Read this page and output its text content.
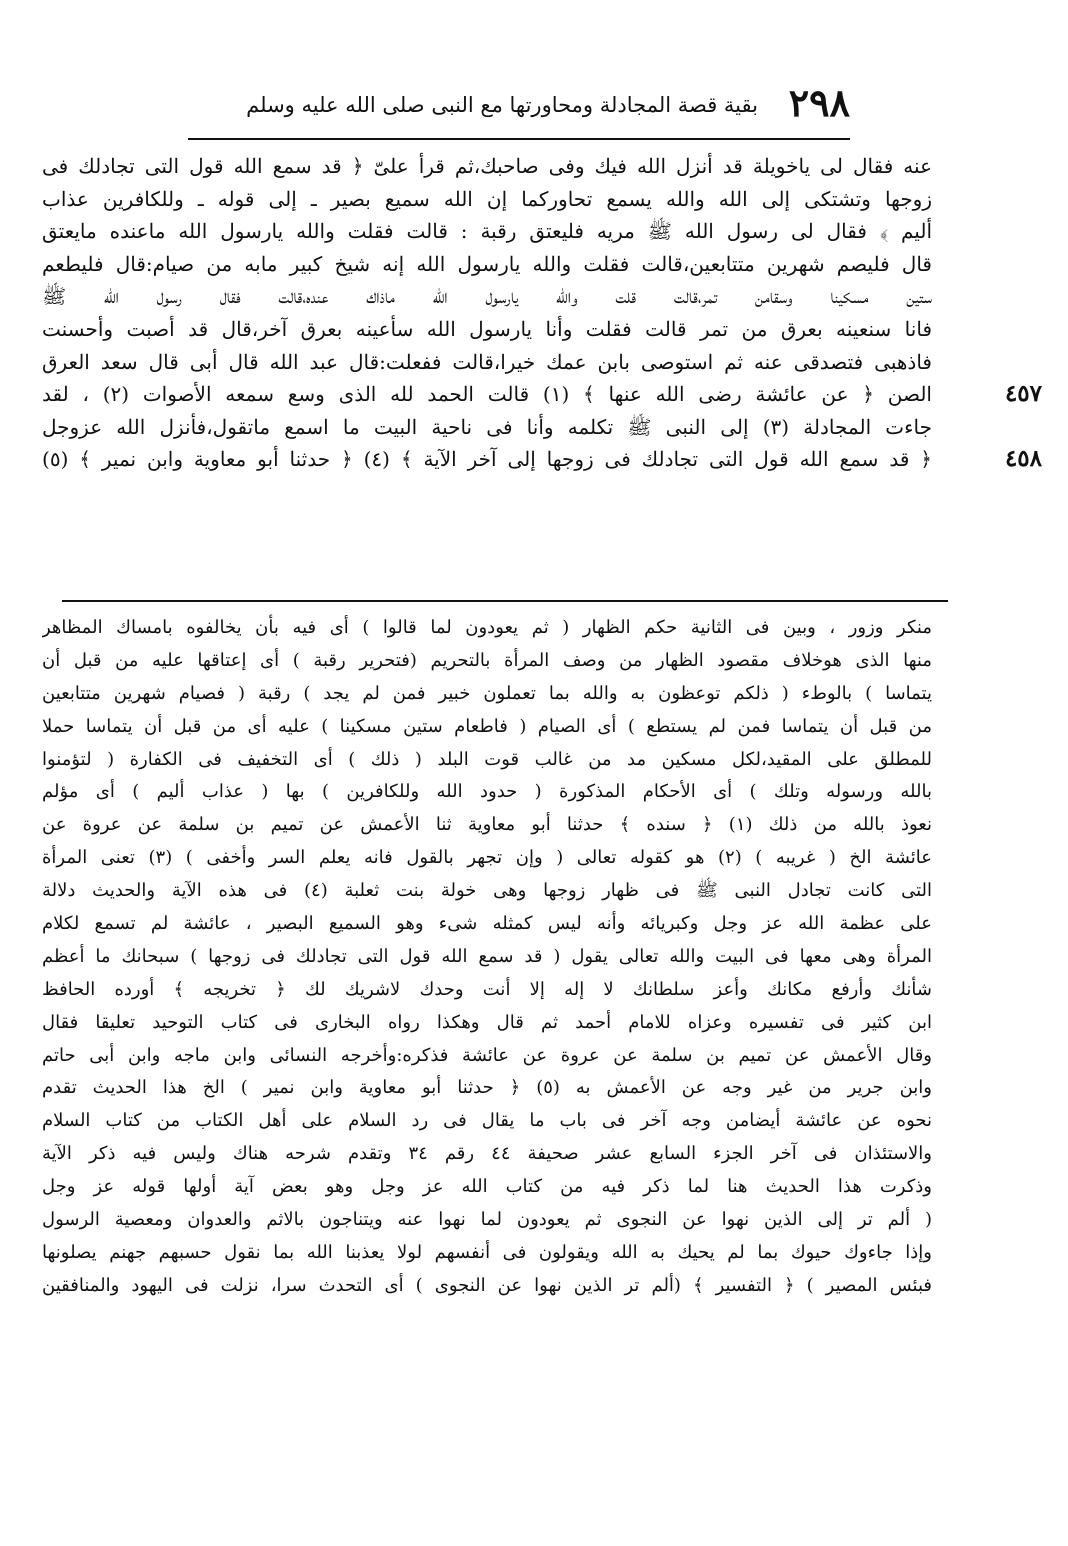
٢٩٨
بقية قصة المجادلة ومحاورتها مع النبى صلى الله عليه وسلم
عنه فقال لى ياخويلة قد أنزل الله فيك وفى صاحبك،ثم قرأ علىّ ﴿ قد سمع الله قول التى تجادلك فى
زوجها وتشتكى إلى الله والله يسمع تحاوركما إن الله سميع بصير ـ إلى قوله ـ وللكافرين عذاب
أليم ﴾ فقال لى رسول الله ﷺ مريه فليعتق رقبة : قالت فقلت والله يارسول الله ماعنده مايعتق
قال فليصم شهرين متتابعين،قالت فقلت والله يارسول الله إنه شيخ كبير مابه من صيام:قال فليطعم
ستين مسكينا وسقامن تمر،قالت قلت والله يارسول الله ماذاك عنده،قالت فقال رسول الله ﷺ
فانا سنعينه بعرق من تمر قالت فقلت وأنا يارسول الله سأعينه بعرق آخر،قال قد أصبت وأحسنت
فاذهبى فتصدقى عنه ثم استوصى بابن عمك خيرا،قالت ففعلت:قال عبد الله قال أبى قال سعد العرق
٤٥٧
الصن ﴿ عن عائشة رضى الله عنها ﴾ (١) قالت الحمد لله الذى وسع سمعه الأصوات (٢) ، لقد
جاءت المجادلة (٣) إلى النبى ﷺ تكلمه وأنا فى ناحية البيت ما اسمع ماتقول،فأنزل الله عزوجل
٤٥٨
﴿ قد سمع الله قول التى تجادلك فى زوجها إلى آخر الآية ﴾ (٤) ﴿ حدثنا أبو معاوية وابن نمير ﴾ (٥)
منكر وزور ، وبين فى الثانية حكم الظهار ( ثم يعودون لما قالوا ) أى فيه بأن يخالفوه بامساك المظاهر
منها الذى هوخلاف مقصود الظهار من وصف المرأة بالتحريم (فتحرير رقبة ) أى إعتاقها عليه من قبل أن
يتماسا ) بالوطء ( ذلكم توعظون به والله بما تعملون خبير فمن لم يجد ) رقبة ( فصيام شهرين متتابعين
من قبل أن يتماسا فمن لم يستطع ) أى الصيام ( فاطعام ستين مسكينا ) عليه أى من قبل أن يتماسا حملا
للمطلق على المقيد،لكل مسكين مد من غالب قوت البلد ( ذلك ) أى التخفيف فى الكفارة ( لتؤمنوا
بالله ورسوله وتلك ) أى الأحكام المذكورة ( حدود الله وللكافرين ) بها ( عذاب أليم ) أى مؤلم
نعوذ بالله من ذلك (١) ﴿ سنده ﴾ حدثنا أبو معاوية ثنا الأعمش عن تميم بن سلمة عن عروة عن
عائشة الخ ( غريبه ) (٢) هو كقوله تعالى ( وإن تجهر بالقول فانه يعلم السر وأخفى ) (٣) تعنى المرأة
التى كانت تجادل النبى ﷺ فى ظهار زوجها وهى خولة بنت ثعلبة (٤) فى هذه الآية والحديث دلالة
على عظمة الله عز وجل وكبريائه وأنه ليس كمثله شىء وهو السميع البصير ، عائشة لم تسمع لكلام
المرأة وهى معها فى البيت والله تعالى يقول ( قد سمع الله قول التى تجادلك فى زوجها ) سبحانك ما أعظم
شأنك وأرفع مكانك وأعز سلطانك لا إله إلا أنت وحدك لاشريك لك ﴿ تخريجه ﴾ أورده الحافظ
ابن كثير فى تفسيره وعزاه للامام أحمد ثم قال وهكذا رواه البخارى فى كتاب التوحيد تعليقا فقال
وقال الأعمش عن تميم بن سلمة عن عروة عن عائشة فذكره:وأخرجه النسائى وابن ماجه وابن أبى حاتم
وابن جرير من غير وجه عن الأعمش به (٥) ﴿ حدثنا أبو معاوية وابن نمير ) الخ هذا الحديث تقدم
نحوه عن عائشة أيضامن وجه آخر فى باب ما يقال فى رد السلام على أهل الكتاب من كتاب السلام
والاستئذان فى آخر الجزء السابع عشر صحيفة ٤٤ رقم ٣٤ وتقدم شرحه هناك وليس فيه ذكر الآية
وذكرت هذا الحديث هنا لما ذكر فيه من كتاب الله عز وجل وهو بعض آية أولها قوله عز وجل
( ألم تر إلى الذين نهوا عن النجوى ثم يعودون لما نهوا عنه ويتناجون بالاثم والعدوان ومعصية الرسول
وإذا جاءوك حيوك بما لم يحيك به الله ويقولون فى أنفسهم لولا يعذبنا الله بما نقول حسبهم جهنم يصلونها
فبئس المصير ) ﴿ التفسير ﴾ (ألم تر الذين نهوا عن النجوى ) أى التحدث سرا، نزلت فى اليهود والمنافقين
